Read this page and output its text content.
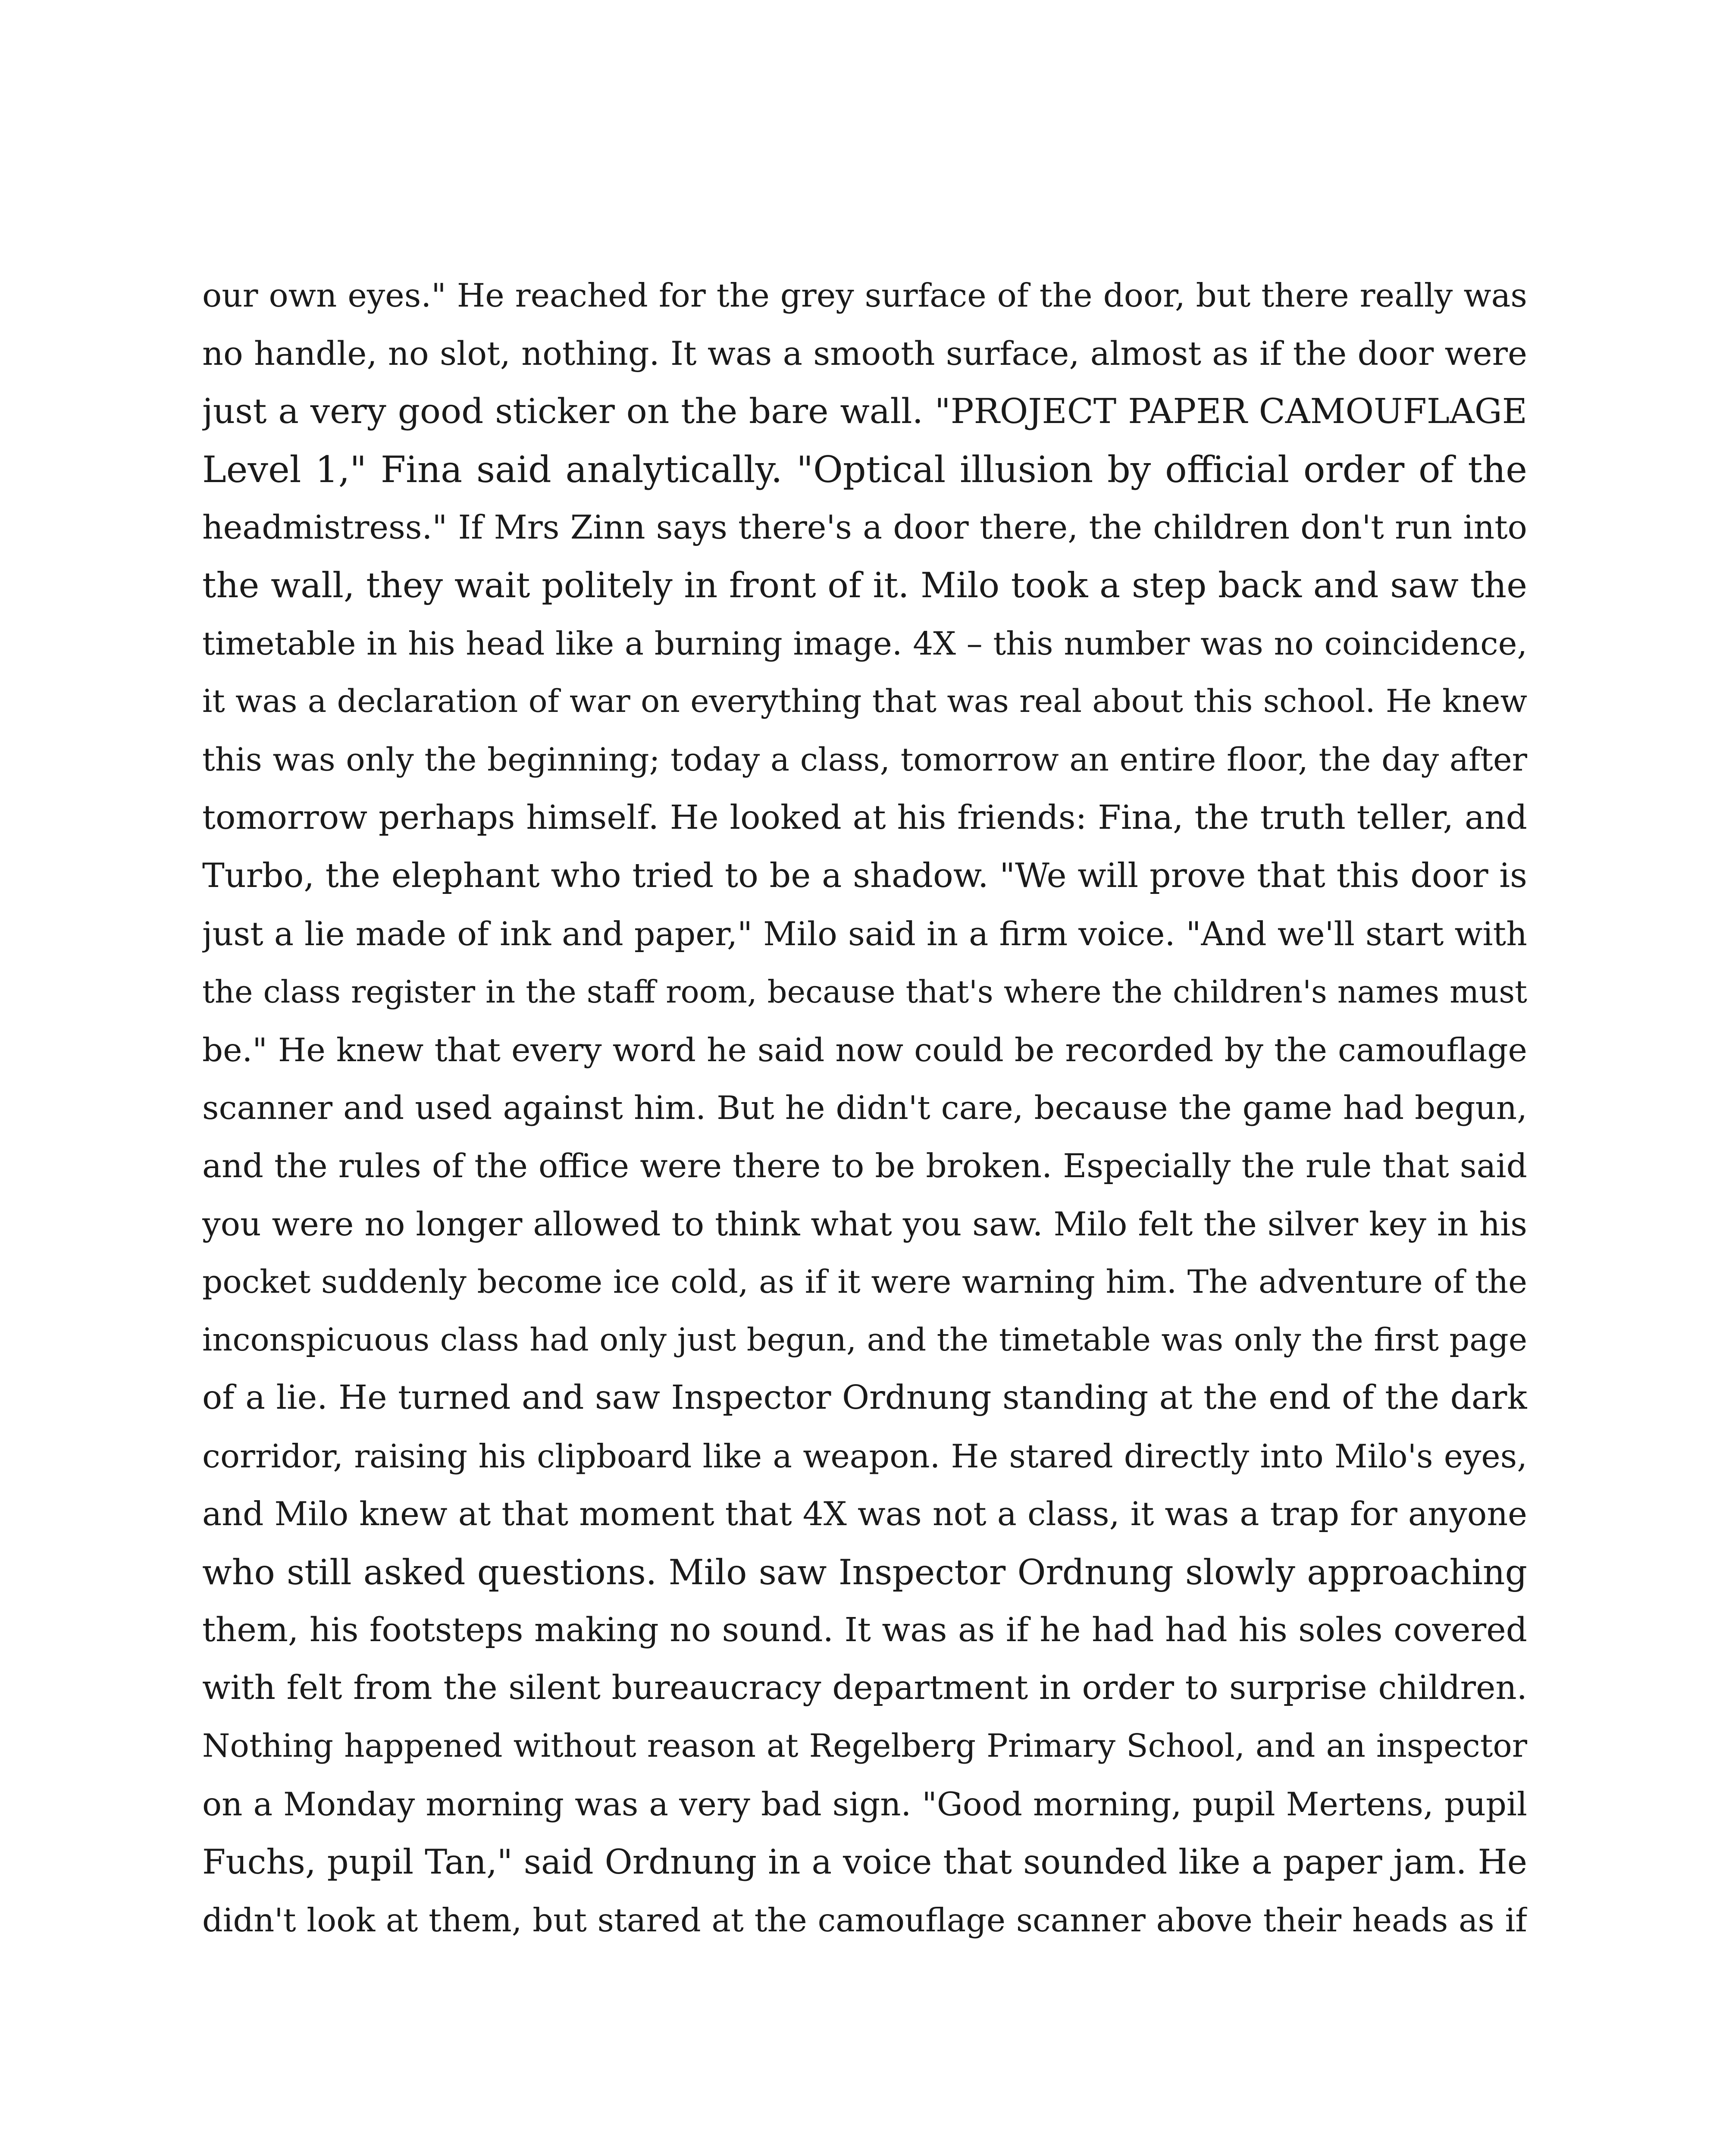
our own eyes." He reached for the grey surface of the door, but there really was
no handle, no slot, nothing. It was a smooth surface, almost as if the door were
just a very good sticker on the bare wall. "PROJECT PAPER CAMOUFLAGE
Level 1," Fina said analytically. "Optical illusion by official order of the
headmistress." If Mrs Zinn says there's a door there, the children don't run into
the wall, they wait politely in front of it. Milo took a step back and saw the
timetable in his head like a burning image. 4X – this number was no coincidence,
it was a declaration of war on everything that was real about this school. He knew
this was only the beginning; today a class, tomorrow an entire floor, the day after
tomorrow perhaps himself. He looked at his friends: Fina, the truth teller, and
Turbo, the elephant who tried to be a shadow. "We will prove that this door is
just a lie made of ink and paper," Milo said in a firm voice. "And we'll start with
the class register in the staff room, because that's where the children's names must
be." He knew that every word he said now could be recorded by the camouflage
scanner and used against him. But he didn't care, because the game had begun,
and the rules of the office were there to be broken. Especially the rule that said
you were no longer allowed to think what you saw. Milo felt the silver key in his
pocket suddenly become ice cold, as if it were warning him. The adventure of the
inconspicuous class had only just begun, and the timetable was only the first page
of a lie. He turned and saw Inspector Ordnung standing at the end of the dark
corridor, raising his clipboard like a weapon. He stared directly into Milo's eyes,
and Milo knew at that moment that 4X was not a class, it was a trap for anyone
who still asked questions. Milo saw Inspector Ordnung slowly approaching
them, his footsteps making no sound. It was as if he had had his soles covered
with felt from the silent bureaucracy department in order to surprise children.
Nothing happened without reason at Regelberg Primary School, and an inspector
on a Monday morning was a very bad sign. "Good morning, pupil Mertens, pupil
Fuchs, pupil Tan," said Ordnung in a voice that sounded like a paper jam. He
didn't look at them, but stared at the camouflage scanner above their heads as if
